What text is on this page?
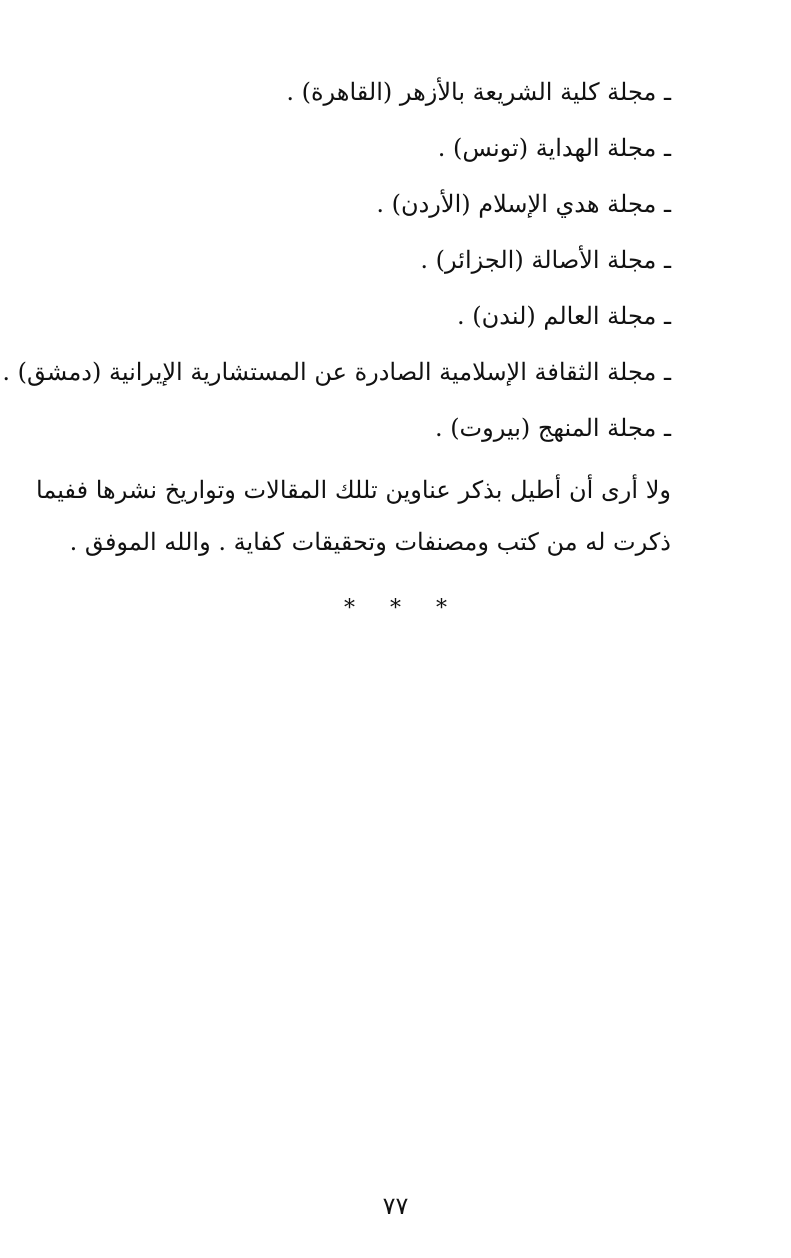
ـ مجلة كلية الشريعة بالأزهر (القاهرة) .
ـ مجلة الهداية (تونس) .
ـ مجلة هدي الإسلام (الأردن) .
ـ مجلة الأصالة (الجزائر) .
ـ مجلة العالم (لندن) .
ـ مجلة الثقافة الإسلامية الصادرة عن المستشارية الإيرانية (دمشق) .
ـ مجلة المنهج (بيروت) .

ولا أرى أن أطيل بذكر عناوين تللك المقالات وتواريخ نشرها ففيما ذكرت له من كتب ومصنفات وتحقيقات كفاية . والله الموفق .

* * *
٧٧
